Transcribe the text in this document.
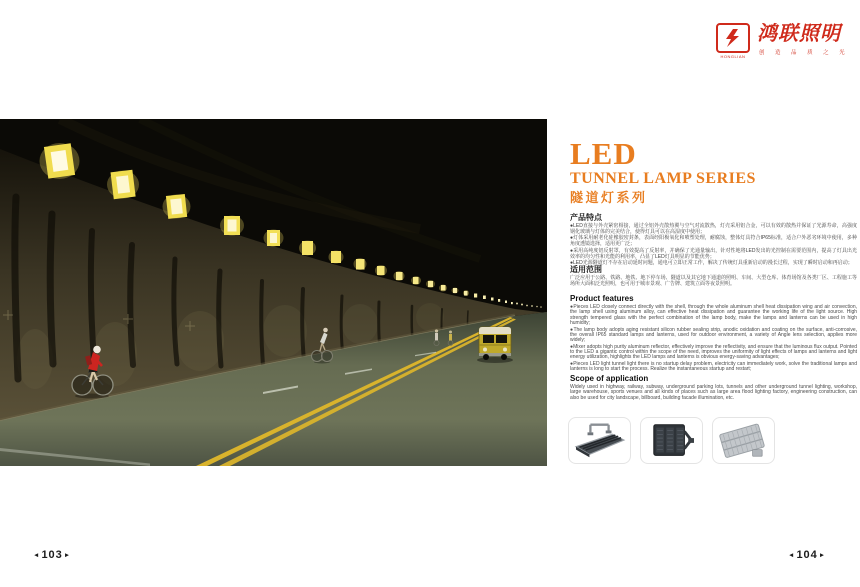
HONGLIAN
鸿联照明
创 造 品 质 之 光
LED
TUNNEL LAMP SERIES
隧道灯系列
产品特点

●LED直接与外壳紧密相接，通过全铝外壳散热翼与空气对流散热，灯壳采用铝合金，可以有效的散热并保证了光源寿命，高强度钢化玻璃与灯体的完美结合，使得灯具可以在高湿度中使用；

●灯体采用耐老化硅橡胶密封条，表面经阳极氧化和喷塑处理，耐腐蚀，整体灯具符合IP65标准，适合户外恶劣环境中使用，多种角度透镜选择，适用更广泛；

●采用高纯度铝反射罩，有效提高了反射率，并确保了光通量输出，针对性地将LED发出的光控制在需要范围内，提高了灯具出光效率的均匀性和光能的利用率，凸显了LED灯具明显的节能优势；

●LED光源隧道灯不存在启动延时问题，通电可立即正常工作，解决了传统灯具重新启动的漫长过程，实现了瞬时启动和再启动；

适用范围

广泛应用于公路、铁路、地铁、地下停车场、隧道以及其它地下通道的照明、车间、大型仓库、体育场馆及各类厂区、工程施工等场所大面积泛光照明，也可用于城市景观、广告牌、建筑立面等夜景照明。

Product features

●Pieces LED closely connect directly with the shell, through the whole aluminum shell heat dissipation wing and air convection, the lamp shell using aluminum alloy, can effective heat dissipation and guarantee the working life of the light source. High strength tempered glass with the perfect combination of the lamp body, make the lamps and lanterns can be used in high humidity;

●The lamp body adopts aging resistant silicon rubber sealing strip, anodic oxidation and coating on the surface, anti-corrosive, the overall IP65 standard lamps and lanterns, used for outdoor environment, a variety of Angle lens selection, applies more widely;

●Mixer adopts high purity aluminum reflector, effectively improve the reflectivity, and ensure that the luminous flux output. Pointed to the LED a gigantic control within the scope of the need, improves the uniformity of light effects of lamps and lanterns and light energy utilization, highlights the LED lamps and lanterns is obvious energy-saving advantages;

●Pieces LED light tunnel light there is no startup delay problem, electricity can immediately work, solve the traditional lamps and lanterns is long to start the process. Realize the instantaneous startup and restart;

Scope of application

Widely used in highway, railway, subway, underground parking lots, tunnels and other underground tunnel lighting, workshop, large warehouse, sports venues and all kinds of places such as large area flood lighting factory, engineering construction, can also be used for city landscape, billboard, building facade illumination, etc.

◄ 103 ►	◄ 104 ►
